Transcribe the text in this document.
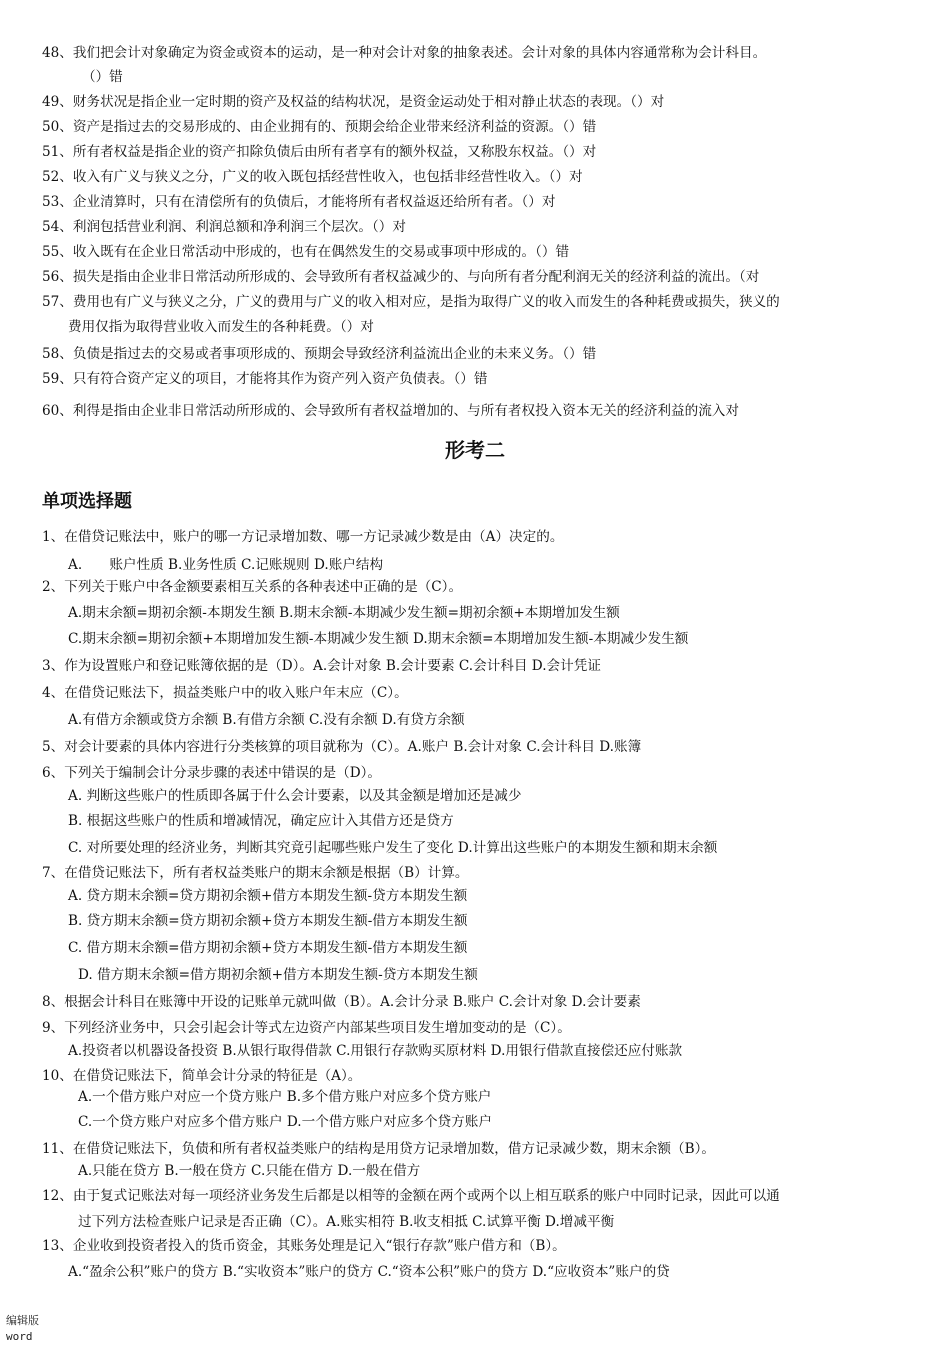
48、我们把会计对象确定为资金或资本的运动，是一种对会计对象的抽象表述。会计对象的具体内容通常称为会计科目。
（）错
49、财务状况是指企业一定时期的资产及权益的结构状况，是资金运动处于相对静止状态的表现。（）对
50、资产是指过去的交易形成的、由企业拥有的、预期会给企业带来经济利益的资源。（）错
51、所有者权益是指企业的资产扣除负债后由所有者享有的额外权益，又称股东权益。（）对
52、收入有广义与狭义之分，广义的收入既包括经营性收入，也包括非经营性收入。（）对
53、企业清算时，只有在清偿所有的负债后，才能将所有者权益返还给所有者。（）对
54、利润包括营业利润、利润总额和净利润三个层次。（）对
55、收入既有在企业日常活动中形成的，也有在偶然发生的交易或事项中形成的。（）错
56、损失是指由企业非日常活动所形成的、会导致所有者权益减少的、与向所有者分配利润无关的经济利益的流出。（对
57、费用也有广义与狭义之分，广义的费用与广义的收入相对应，是指为取得广义的收入而发生的各种耗费或损失，狭义的
费用仅指为取得营业收入而发生的各种耗费。（）对
58、负债是指过去的交易或者事项形成的、预期会导致经济利益流出企业的未来义务。（）错
59、只有符合资产定义的项目，才能将其作为资产列入资产负债表。（）错
60、利得是指由企业非日常活动所形成的、会导致所有者权益增加的、与所有者权投入资本无关的经济利益的流入对
形考二
单项选择题
1、在借贷记账法中，账户的哪一方记录增加数、哪一方记录减少数是由（A）决定的。
A.　　账户性质 B.业务性质 C.记账规则 D.账户结构
2、下列关于账户中各金额要素相互关系的各种表述中正确的是（C）。
A.期末余额=期初余额-本期发生额 B.期末余额-本期减少发生额=期初余额+本期增加发生额
C.期末余额=期初余额+本期增加发生额-本期减少发生额 D.期末余额=本期增加发生额-本期减少发生额
3、作为设置账户和登记账簿依据的是（D）。A.会计对象 B.会计要素 C.会计科目 D.会计凭证
4、在借贷记账法下，损益类账户中的收入账户年末应（C）。
A.有借方余额或贷方余额 B.有借方余额 C.没有余额 D.有贷方余额
5、对会计要素的具体内容进行分类核算的项目就称为（C）。A.账户 B.会计对象 C.会计科目 D.账簿
6、下列关于编制会计分录步骤的表述中错误的是（D）。
A. 判断这些账户的性质即各属于什么会计要素，以及其金额是增加还是减少
B. 根据这些账户的性质和增减情况，确定应计入其借方还是贷方
C. 对所要处理的经济业务，判断其究竟引起哪些账户发生了变化 D.计算出这些账户的本期发生额和期末余额
7、在借贷记账法下，所有者权益类账户的期末余额是根据（B）计算。
A. 贷方期末余额=贷方期初余额+借方本期发生额-贷方本期发生额
B. 贷方期末余额=贷方期初余额+贷方本期发生额-借方本期发生额
C. 借方期末余额=借方期初余额+贷方本期发生额-借方本期发生额
D. 借方期末余额=借方期初余额+借方本期发生额-贷方本期发生额
8、根据会计科目在账簿中开设的记账单元就叫做（B）。A.会计分录 B.账户 C.会计对象 D.会计要素
9、下列经济业务中，只会引起会计等式左边资产内部某些项目发生增加变动的是（C）。
A.投资者以机器设备投资 B.从银行取得借款 C.用银行存款购买原材料 D.用银行借款直接偿还应付账款
10、在借贷记账法下，简单会计分录的特征是（A）。
A.一个借方账户对应一个贷方账户 B.多个借方账户对应多个贷方账户
C.一个贷方账户对应多个借方账户 D.一个借方账户对应多个贷方账户
11、在借贷记账法下，负债和所有者权益类账户的结构是用贷方记录增加数，借方记录减少数，期末余额（B）。
A.只能在贷方 B.一般在贷方 C.只能在借方 D.一般在借方
12、由于复式记账法对每一项经济业务发生后都是以相等的金额在两个或两个以上相互联系的账户中同时记录，因此可以通
过下列方法检查账户记录是否正确（C）。A.账实相符 B.收支相抵 C.试算平衡 D.增减平衡
13、企业收到投资者投入的货币资金，其账务处理是记入“银行存款”账户借方和（B）。
A.“盈余公积”账户的贷方 B.“实收资本”账户的贷方 C.“资本公积”账户的贷方 D.“应收资本”账户的贷
编辑版
word
